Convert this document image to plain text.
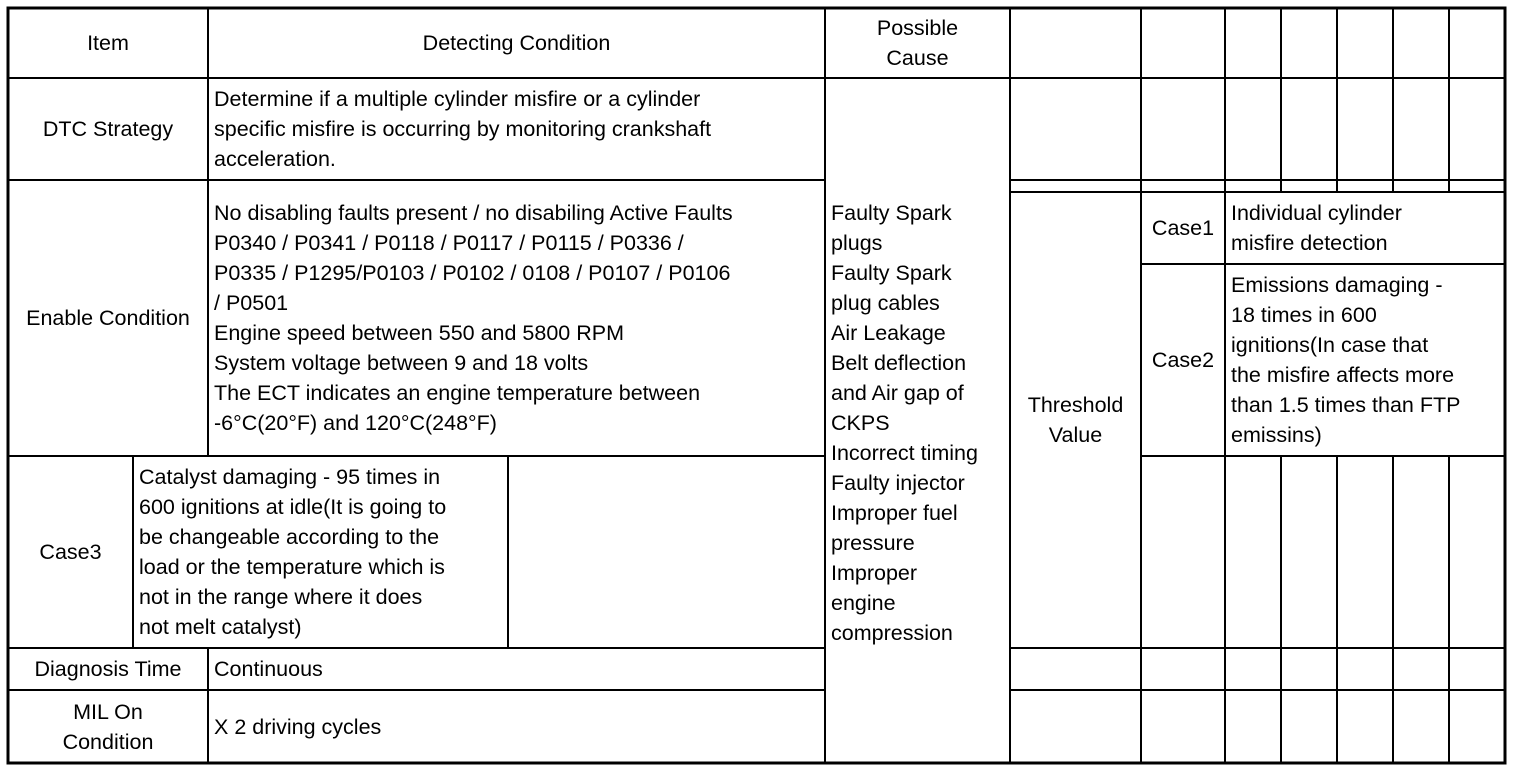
Item	Detecting Condition
Possible
Cause
DTC Strategy
Determine if a multiple cylinder misfire or a cylinder
specific misfire is occurring by monitoring crankshaft
acceleration.
Enable Condition
No disabling faults present / no disabiling Active Faults
P0340 / P0341 / P0118 / P0117 / P0115 / P0336 /
P0335 / P1295/P0103 / P0102 / 0108 / P0107 / P0106
/ P0501
Engine speed between 550 and 5800 RPM
System voltage between 9 and 18 volts
The ECT indicates an engine temperature between
-6°C(20°F) and 120°C(248°F)
Case3
Catalyst damaging - 95 times in
600 ignitions at idle(It is going to
be changeable according to the
load or the temperature which is
not in the range where it does
not melt catalyst)
Diagnosis Time Continuous
MIL On
Condition
X 2 driving cycles
Faulty Spark
plugs
Faulty Spark
plug cables
Air Leakage
Belt deflection
and Air gap of
CKPS
Incorrect timing
Faulty injector
Improper fuel
pressure
Improper
engine
compression
Threshold
Value
Case1
Individual cylinder
misfire detection
Case2
Emissions damaging -
18 times in 600
ignitions(In case that
the misfire affects more
than 1.5 times than FTP
emissins)
